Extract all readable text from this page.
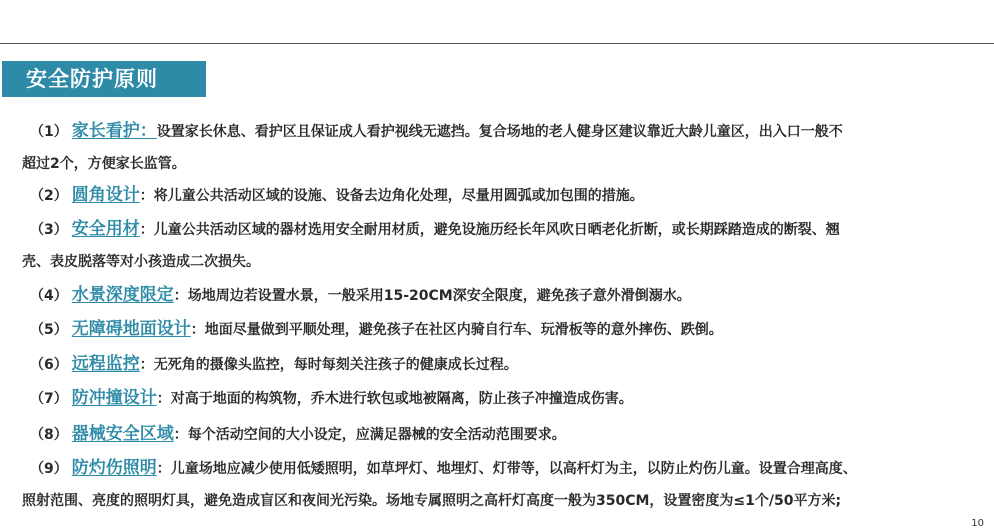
安全防护原则
（1） 家长看护：设置家长休息、看护区且保证成人看护视线无遮挡。复合场地的老人健身区建议靠近大龄儿童区，出入口一般不
超过2个，方便家长监管。
（2） 圆角设计：将儿童公共活动区域的设施、设备去边角化处理，尽量用圆弧或加包围的措施。
（3） 安全用材：儿童公共活动区域的器材选用安全耐用材质，避免设施历经长年风吹日晒老化折断，或长期踩踏造成的断裂、翘
壳、表皮脱落等对小孩造成二次损失。
（4） 水景深度限定：场地周边若设置水景，一般采用15-20CM深安全限度，避免孩子意外滑倒溺水。
（5） 无障碍地面设计：地面尽量做到平顺处理，避免孩子在社区内骑自行车、玩滑板等的意外摔伤、跌倒。
（6） 远程监控：无死角的摄像头监控，每时每刻关注孩子的健康成长过程。
（7） 防冲撞设计：对高于地面的构筑物，乔木进行软包或地被隔离，防止孩子冲撞造成伤害。
（8） 器械安全区域：每个活动空间的大小设定，应满足器械的安全活动范围要求。
（9） 防灼伤照明：儿童场地应减少使用低矮照明，如草坪灯、地埋灯、灯带等，以高杆灯为主，以防止灼伤儿童。设置合理高度、
照射范围、亮度的照明灯具，避免造成盲区和夜间光污染。场地专属照明之高杆灯高度一般为350CM，设置密度为≤1个/50平方米;
10
